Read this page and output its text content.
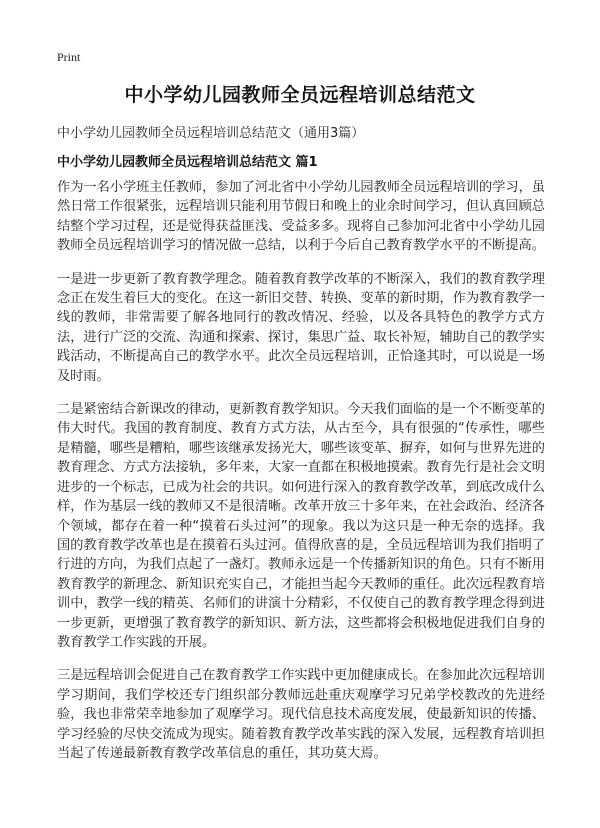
Print
中小学幼儿园教师全员远程培训总结范文
中小学幼儿园教师全员远程培训总结范文（通用3篇）
中小学幼儿园教师全员远程培训总结范文 篇1

作为一名小学班主任教师，参加了河北省中小学幼儿园教师全员远程培训的学习，虽然日常工作很紧张，远程培训只能利用节假日和晚上的业余时间学习，但认真回顾总结整个学习过程，还是觉得获益匪浅、受益多多。现将自己参加河北省中小学幼儿园教师全员远程培训学习的情况做一总结，以利于今后自己教育教学水平的不断提高。

一是进一步更新了教育教学理念。随着教育教学改革的不断深入，我们的教育教学理念正在发生着巨大的变化。在这一新旧交替、转换、变革的新时期，作为教育教学一线的教师，非常需要了解各地同行的教改情况、经验，以及各具特色的教学方式方法，进行广泛的交流、沟通和探索、探讨，集思广益、取长补短，辅助自己的教学实践活动，不断提高自己的教学水平。此次全员远程培训，正恰逢其时，可以说是一场及时雨。

二是紧密结合新课改的律动，更新教育教学知识。今天我们面临的是一个不断变革的伟大时代。我国的教育制度、教育方式方法，从古至今，具有很强的“传承性，哪些是精髓，哪些是糟粕，哪些该继承发扬光大，哪些该变革、摒弃，如何与世界先进的教育理念、方式方法接轨，多年来，大家一直都在积极地摸索。教育先行是社会文明进步的一个标志，已成为社会的共识。如何进行深入的教育教学改革，到底改成什么样，作为基层一线的教师又不是很清晰。改革开放三十多年来，在社会政治、经济各个领域，都存在着一种“摸着石头过河”的现象。我以为这只是一种无奈的选择。我国的教育教学改革也是在摸着石头过河。值得欣喜的是，全员远程培训为我们指明了行进的方向，为我们点起了一盏灯。教师永远是一个传播新知识的角色。只有不断用教育教学的新理念、新知识充实自己，才能担当起今天教师的重任。此次远程教育培训中，教学一线的精英、名师们的讲演十分精彩，不仅使自己的教育教学理念得到进一步更新，更增强了教育教学的新知识、新方法，这些都将会积极地促进我们自身的教育教学工作实践的开展。

三是远程培训会促进自己在教育教学工作实践中更加健康成长。在参加此次远程培训学习期间，我们学校还专门组织部分教师远赴重庆观摩学习兄弟学校教改的先进经验，我也非常荣幸地参加了观摩学习。现代信息技术高度发展，使最新知识的传播、学习经验的尽快交流成为现实。随着教育教学改革实践的深入发展，远程教育培训担当起了传递最新教育教学改革信息的重任，其功莫大焉。
